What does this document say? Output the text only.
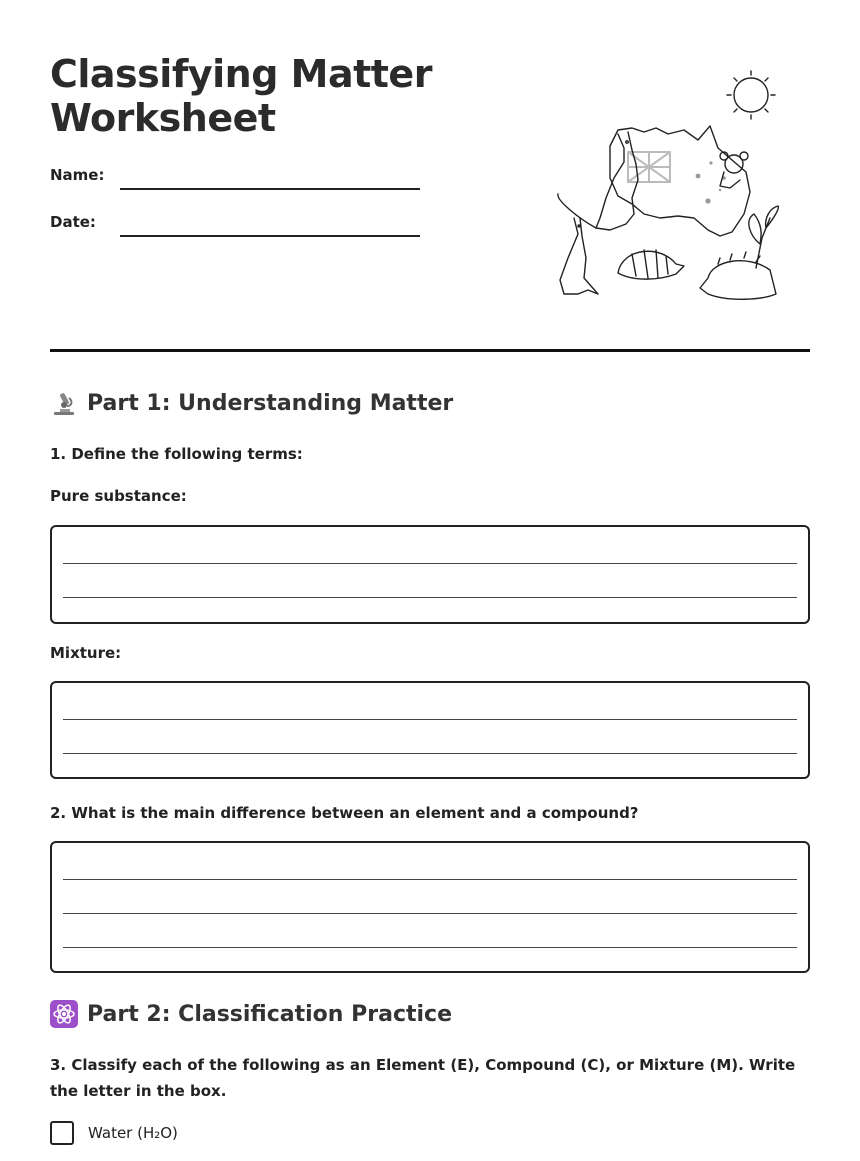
Classifying Matter Worksheet
Name:
Date:
Part 1: Understanding Matter
1. Define the following terms:
Pure substance:
Mixture:
2. What is the main difference between an element and a compound?
Part 2: Classification Practice
3. Classify each of the following as an Element (E), Compound (C), or Mixture (M). Write the letter in the box.
Water (H₂O)
